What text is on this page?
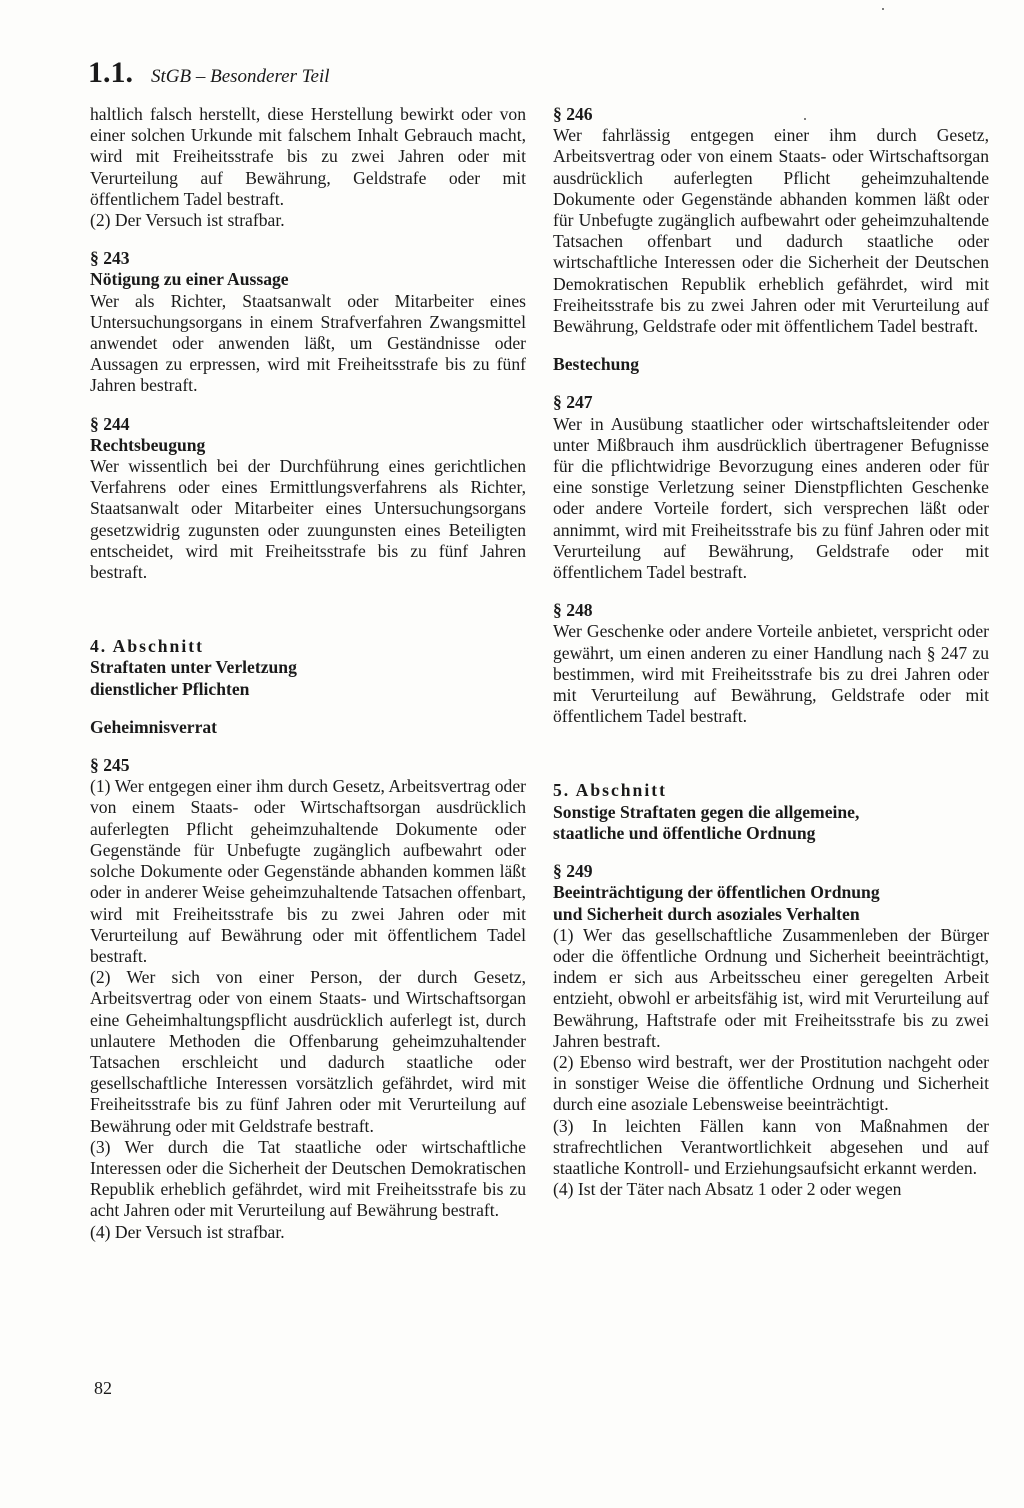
1.1. StGB – Besonderer Teil

haltlich falsch herstellt, diese Herstellung bewirkt oder von einer solchen Urkunde mit falschem Inhalt Gebrauch macht, wird mit Freiheitsstrafe bis zu zwei Jahren oder mit Verurteilung auf Bewährung, Geldstrafe oder mit öffentlichem Tadel bestraft.

(2) Der Versuch ist strafbar.

§ 243

Nötigung zu einer Aussage

Wer als Richter, Staatsanwalt oder Mitarbeiter eines Untersuchungsorgans in einem Strafverfahren Zwangsmittel anwendet oder anwenden läßt, um Geständnisse oder Aussagen zu erpressen, wird mit Freiheitsstrafe bis zu fünf Jahren bestraft.

§ 244

Rechtsbeugung

Wer wissentlich bei der Durchführung eines gerichtlichen Verfahrens oder eines Ermittlungsverfahrens als Richter, Staatsanwalt oder Mitarbeiter eines Untersuchungsorgans gesetzwidrig zugunsten oder zuungunsten eines Beteiligten entscheidet, wird mit Freiheitsstrafe bis zu fünf Jahren bestraft.

4. Abschnitt

Straftaten unter Verletzung

dienstlicher Pflichten

Geheimnisverrat

§ 245

(1) Wer entgegen einer ihm durch Gesetz, Arbeitsvertrag oder von einem Staats- oder Wirtschaftsorgan ausdrücklich auferlegten Pflicht geheimzuhaltende Dokumente oder Gegenstände für Unbefugte zugänglich aufbewahrt oder solche Dokumente oder Gegenstände abhanden kommen läßt oder in anderer Weise geheimzuhaltende Tatsachen offenbart, wird mit Freiheitsstrafe bis zu zwei Jahren oder mit Verurteilung auf Bewährung oder mit öffentlichem Tadel bestraft.

(2) Wer sich von einer Person, der durch Gesetz, Arbeitsvertrag oder von einem Staats- und Wirtschaftsorgan eine Geheimhaltungspflicht ausdrücklich auferlegt ist, durch unlautere Methoden die Offenbarung geheimzuhaltender Tatsachen erschleicht und dadurch staatliche oder gesellschaftliche Interessen vorsätzlich gefährdet, wird mit Freiheitsstrafe bis zu fünf Jahren oder mit Verurteilung auf Bewährung oder mit Geldstrafe bestraft.

(3) Wer durch die Tat staatliche oder wirtschaftliche Interessen oder die Sicherheit der Deutschen Demokratischen Republik erheblich gefährdet, wird mit Freiheitsstrafe bis zu acht Jahren oder mit Verurteilung auf Bewährung bestraft.

(4) Der Versuch ist strafbar.

§ 246

Wer fahrlässig entgegen einer ihm durch Gesetz, Arbeitsvertrag oder von einem Staats- oder Wirtschaftsorgan ausdrücklich auferlegten Pflicht geheimzuhaltende Dokumente oder Gegenstände abhanden kommen läßt oder für Unbefugte zugänglich aufbewahrt oder geheimzuhaltende Tatsachen offenbart und dadurch staatliche oder wirtschaftliche Interessen oder die Sicherheit der Deutschen Demokratischen Republik erheblich gefährdet, wird mit Freiheitsstrafe bis zu zwei Jahren oder mit Verurteilung auf Bewährung, Geldstrafe oder mit öffentlichem Tadel bestraft.

Bestechung

§ 247

Wer in Ausübung staatlicher oder wirtschaftsleitender oder unter Mißbrauch ihm ausdrücklich übertragener Befugnisse für die pflichtwidrige Bevorzugung eines anderen oder für eine sonstige Verletzung seiner Dienstpflichten Geschenke oder andere Vorteile fordert, sich versprechen läßt oder annimmt, wird mit Freiheitsstrafe bis zu fünf Jahren oder mit Verurteilung auf Bewährung, Geldstrafe oder mit öffentlichem Tadel bestraft.

§ 248

Wer Geschenke oder andere Vorteile anbietet, verspricht oder gewährt, um einen anderen zu einer Handlung nach § 247 zu bestimmen, wird mit Freiheitsstrafe bis zu drei Jahren oder mit Verurteilung auf Bewährung, Geldstrafe oder mit öffentlichem Tadel bestraft.

5. Abschnitt

Sonstige Straftaten gegen die allgemeine,

staatliche und öffentliche Ordnung

§ 249

Beeinträchtigung der öffentlichen Ordnung

und Sicherheit durch asoziales Verhalten

(1) Wer das gesellschaftliche Zusammenleben der Bürger oder die öffentliche Ordnung und Sicherheit beeinträchtigt, indem er sich aus Arbeitsscheu einer geregelten Arbeit entzieht, obwohl er arbeitsfähig ist, wird mit Verurteilung auf Bewährung, Haftstrafe oder mit Freiheitsstrafe bis zu zwei Jahren bestraft.

(2) Ebenso wird bestraft, wer der Prostitution nachgeht oder in sonstiger Weise die öffentliche Ordnung und Sicherheit durch eine asoziale Lebensweise beeinträchtigt.

(3) In leichten Fällen kann von Maßnahmen der strafrechtlichen Verantwortlichkeit abgesehen und auf staatliche Kontroll- und Erziehungsaufsicht erkannt werden.

(4) Ist der Täter nach Absatz 1 oder 2 oder wegen

82
